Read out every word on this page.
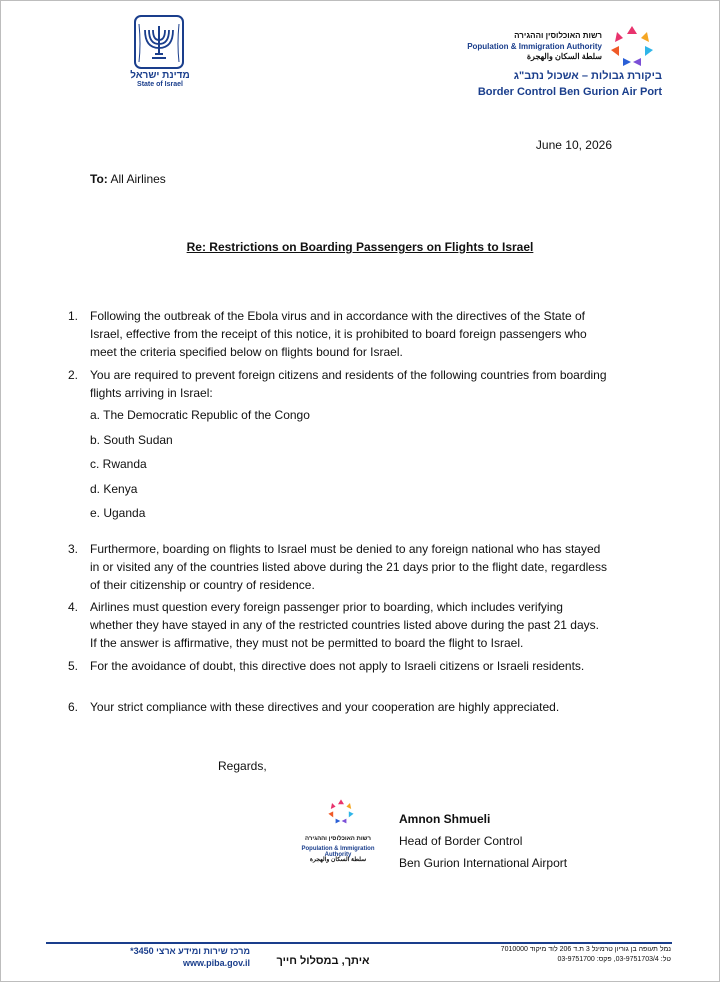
מדינת ישראל
State of Israel
רשות האוכלוסין וההגירה
Population & Immigration Authority
سلطة السكان والهجرة
ביקורת גבולות – אשכול נתב"ג
Border Control Ben Gurion Air Port
June 10, 2026
To: All Airlines
Re: Restrictions on Boarding Passengers on Flights to Israel
1. Following the outbreak of the Ebola virus and in accordance with the directives of the State of Israel, effective from the receipt of this notice, it is prohibited to board foreign passengers who meet the criteria specified below on flights bound for Israel.
2. You are required to prevent foreign citizens and residents of the following countries from boarding flights arriving in Israel:
a. The Democratic Republic of the Congo
b. South Sudan
c. Rwanda
d. Kenya
e. Uganda
3. Furthermore, boarding on flights to Israel must be denied to any foreign national who has stayed in or visited any of the countries listed above during the 21 days prior to the flight date, regardless of their citizenship or country of residence.
4. Airlines must question every foreign passenger prior to boarding, which includes verifying whether they have stayed in any of the restricted countries listed above during the past 21 days. If the answer is affirmative, they must not be permitted to board the flight to Israel.
5. For the avoidance of doubt, this directive does not apply to Israeli citizens or Israeli residents.
6. Your strict compliance with these directives and your cooperation are highly appreciated.
Regards,
רשות האוכלוסין וההגירה
Population & Immigration Authority
سلطة السكان والهجرة
Amnon Shmueli
Head of Border Control
Ben Gurion International Airport
מרכז שירות ומידע ארצי 3450*
www.piba.gov.il	איתך, במסלול חייך
נמל תעופה בן גוריון טרמינל 3 ת.ד 206 לוד מיקוד 7010000
טל: 03-9751703/4, פקס: 03-9751700
